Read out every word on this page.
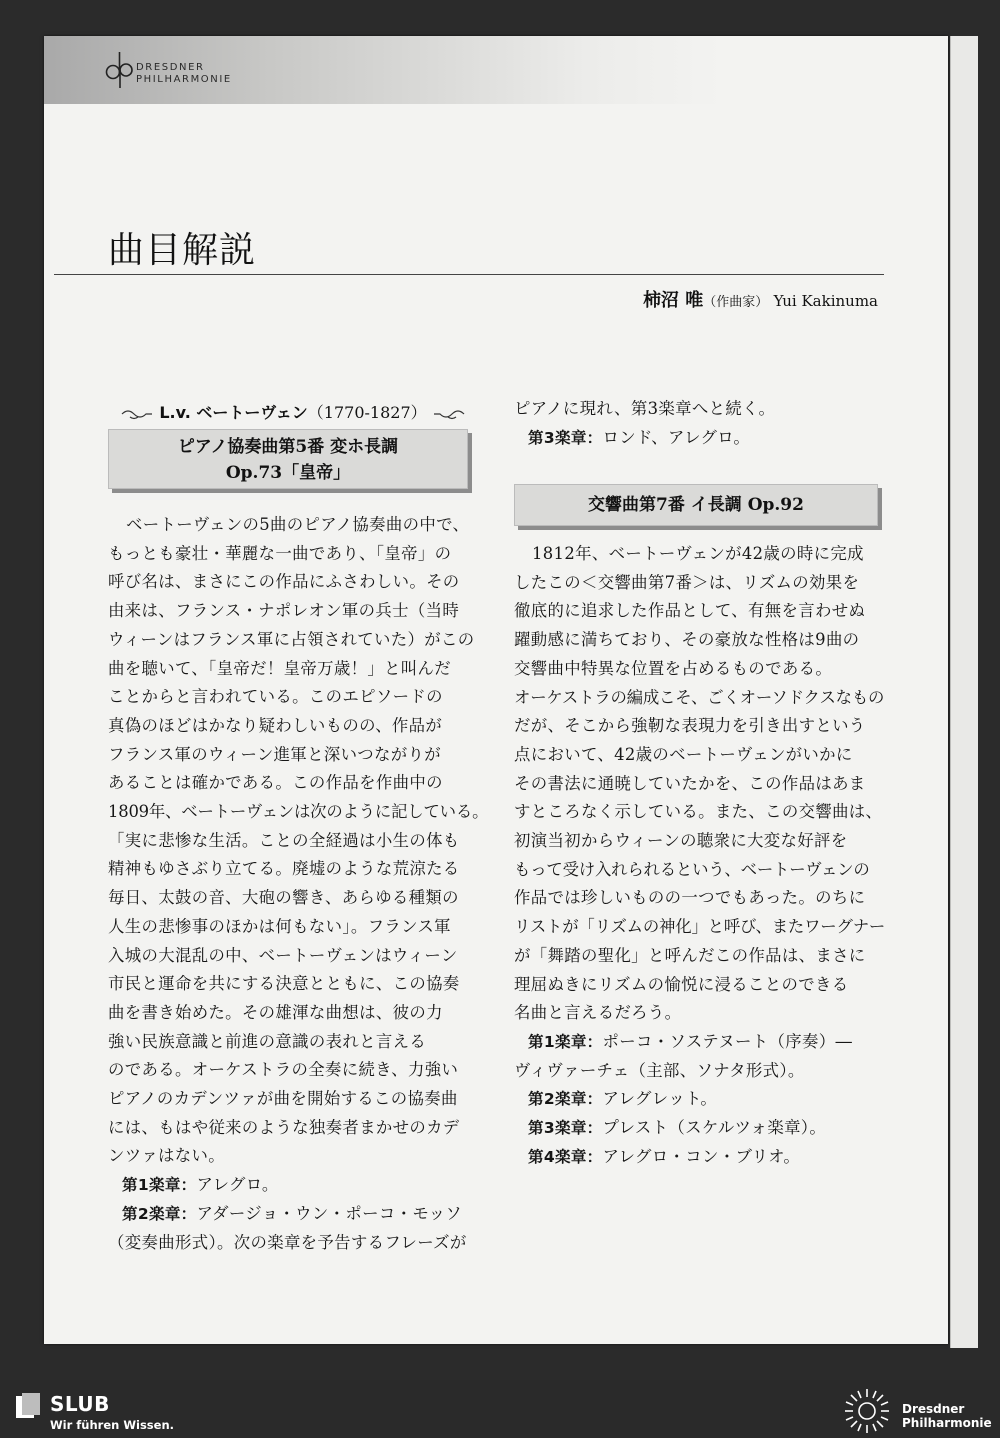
DRESDNER
PHILHARMONIE
曲目解説
柿沼 唯（作曲家） Yui Kakinuma
L.v. ベートーヴェン（1770-1827）
ピアノ協奏曲第5番 変ホ長調
Op.73「皇帝」

ベートーヴェンの5曲のピアノ協奏曲の中で、

もっとも豪壮・華麗な一曲であり、「皇帝」の

呼び名は、まさにこの作品にふさわしい。その

由来は、フランス・ナポレオン軍の兵士（当時

ウィーンはフランス軍に占領されていた）がこの

曲を聴いて、「皇帝だ！皇帝万歳！」と叫んだ

ことからと言われている。このエピソードの

真偽のほどはかなり疑わしいものの、作品が

フランス軍のウィーン進軍と深いつながりが

あることは確かである。この作品を作曲中の

1809年、ベートーヴェンは次のように記している。

「実に悲惨な生活。ことの全経過は小生の体も

精神もゆさぶり立てる。廃墟のような荒涼たる

毎日、太鼓の音、大砲の響き、あらゆる種類の

人生の悲惨事のほかは何もない」。フランス軍

入城の大混乱の中、ベートーヴェンはウィーン

市民と運命を共にする決意とともに、この協奏

曲を書き始めた。その雄渾な曲想は、彼の力

強い民族意識と前進の意識の表れと言える

のである。オーケストラの全奏に続き、力強い

ピアノのカデンツァが曲を開始するこの協奏曲

には、もはや従来のような独奏者まかせのカデ

ンツァはない。

第1楽章：アレグロ。

第2楽章：アダージョ・ウン・ポーコ・モッソ

（変奏曲形式）。次の楽章を予告するフレーズが

ピアノに現れ、第3楽章へと続く。

第3楽章：ロンド、アレグロ。

交響曲第7番 イ長調 Op.92

1812年、ベートーヴェンが42歳の時に完成

したこの＜交響曲第7番＞は、リズムの効果を

徹底的に追求した作品として、有無を言わせぬ

躍動感に満ちており、その豪放な性格は9曲の

交響曲中特異な位置を占めるものである。

オーケストラの編成こそ、ごくオーソドクスなもの

だが、そこから強靭な表現力を引き出すという

点において、42歳のベートーヴェンがいかに

その書法に通暁していたかを、この作品はあま

すところなく示している。また、この交響曲は、

初演当初からウィーンの聴衆に大変な好評を

もって受け入れられるという、ベートーヴェンの

作品では珍しいものの一つでもあった。のちに

リストが「リズムの神化」と呼び、またワーグナー

が「舞踏の聖化」と呼んだこの作品は、まさに

理屈ぬきにリズムの愉悦に浸ることのできる

名曲と言えるだろう。

第1楽章：ポーコ・ソステヌート（序奏）―

ヴィヴァーチェ（主部、ソナタ形式）。

第2楽章：アレグレット。

第3楽章：プレスト（スケルツォ楽章）。

第4楽章：アレグロ・コン・ブリオ。

SLUB
Wir führen Wissen.
Dresdner
Philharmonie
